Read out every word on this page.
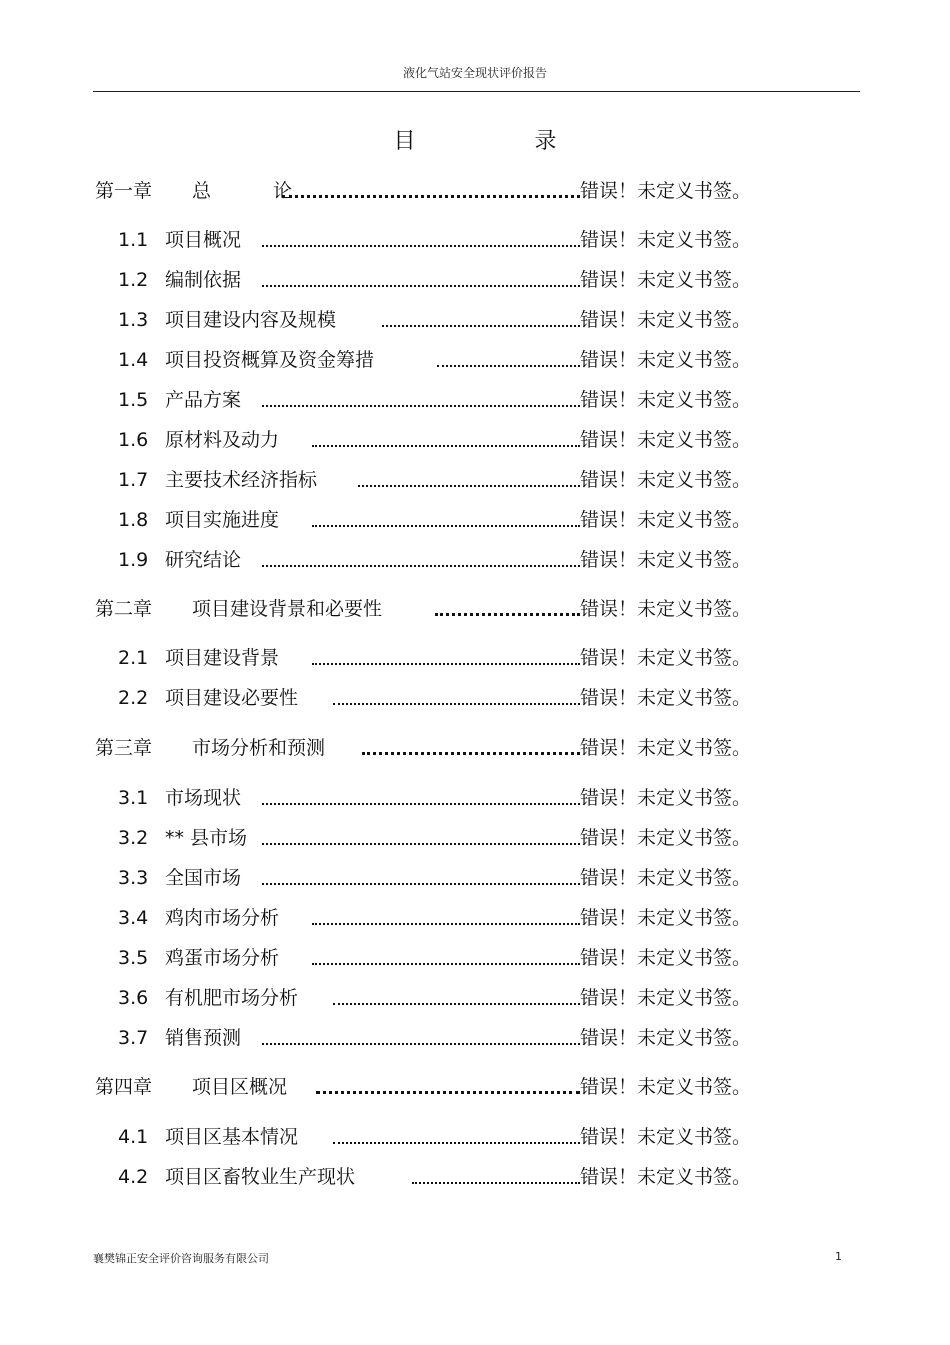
液化气站安全现状评价报告
目 录
第一章 总 论	错误！未定义书签。
1.1 项目概况	错误！未定义书签。
1.2 编制依据	错误！未定义书签。
1.3 项目建设内容及规模	错误！未定义书签。
1.4 项目投资概算及资金筹措	错误！未定义书签。
1.5 产品方案	错误！未定义书签。
1.6 原材料及动力	错误！未定义书签。
1.7 主要技术经济指标	错误！未定义书签。
1.8 项目实施进度	错误！未定义书签。
1.9 研究结论	错误！未定义书签。
第二章 项目建设背景和必要性	错误！未定义书签。
2.1 项目建设背景	错误！未定义书签。
2.2 项目建设必要性	错误！未定义书签。
第三章 市场分析和预测	错误！未定义书签。
3.1 市场现状	错误！未定义书签。
3.2 ** 县市场	错误！未定义书签。
3.3 全国市场	错误！未定义书签。
3.4 鸡肉市场分析	错误！未定义书签。
3.5 鸡蛋市场分析	错误！未定义书签。
3.6 有机肥市场分析	错误！未定义书签。
3.7 销售预测	错误！未定义书签。
第四章 项目区概况	错误！未定义书签。
4.1 项目区基本情况	错误！未定义书签。
4.2 项目区畜牧业生产现状	错误！未定义书签。
襄樊锦正安全评价咨询服务有限公司	1
